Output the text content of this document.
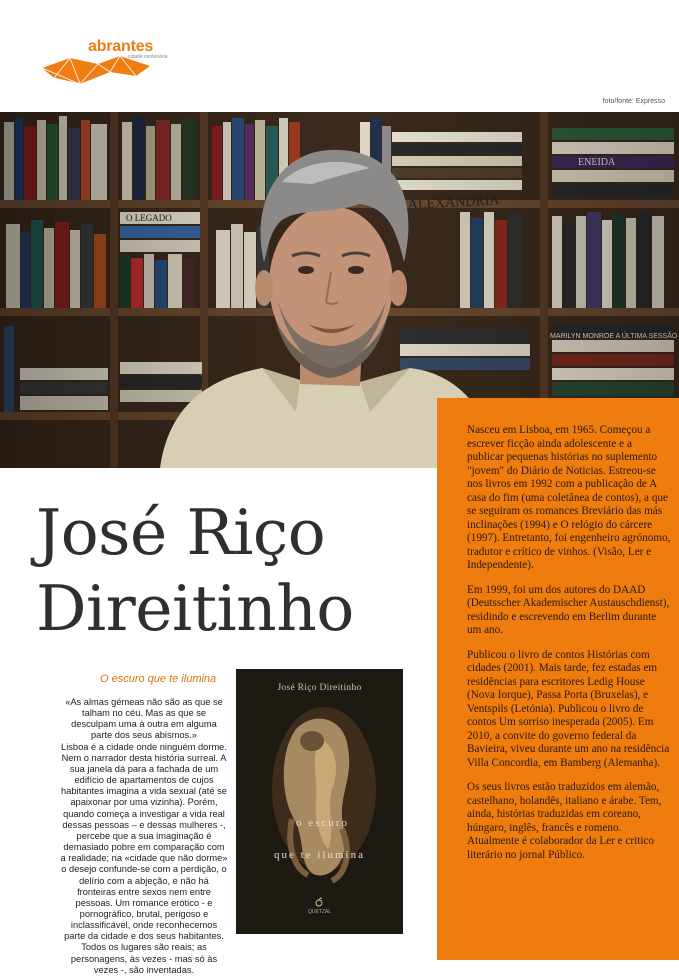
abrantes
cidade centenária
foto/fonte: Expresso

Nasceu em Lisboa, em 1965. Começou a escrever ficção ainda adolescente e a publicar pequenas histórias no suplemento "jovem" do Diário de Noticias. Estreou-se nos livros em 1992 com a publicação de A casa do fim (uma coletânea de contos), a que se seguiram os romances Breviário das más inclinações (1994) e O relógio do cárcere (1997). Entretanto, foi engenheiro agrónomo, tradutor e crítico de vinhos. (Visão, Ler e Independente).

Em 1999, foi um dos autores do DAAD (Deutsscher Akademischer Austauschdienst), residindo e escrevendo em Berlim durante um ano.

Publicou o livro de contos Histórias com cidades (2001). Mais tarde, fez estadas em residências para escritores Ledig House (Nova Iorque), Passa Porta (Bruxelas), e Ventspils (Letónia). Publicou o livro de contos Um sorriso inesperada (2005). Em 2010, a convite do governo federal da Bavieira, viveu durante um ano na residência Villa Concordia, em Bamberg (Alemanha).

Os seus livros estão traduzidos em alemão, castelhano, holandês, italiano e árabe. Tem, ainda, histórias traduzidas em coreano, húngaro, inglês, francês e romeno. Atualmente é colaborador da Ler e critico literário no jornal Público.

José Riço
Direitinho
O escuro que te ilumina

«As almas gémeas não são as que se talham no céu. Mas as que se desculpam uma à outra em alguma parte dos seus abismos.»

Lisboa é a cidade onde ninguém dorme. Nem o narrador desta história surreal. A sua janela dá para a fachada de um edifício de apartamentos de cujos habitantes imagina a vida sexual (até se apaixonar por uma vizinha). Porém, quando começa a investigar a vida real dessas pessoas – e dessas mulheres -, percebe que a sua imaginação é demasiado pobre em comparação com a realidade; na «cidade que não dorme» o desejo confunde-se com a perdição, o delírio com a abjeção, e não há fronteiras entre sexos nem entre pessoas. Um romance erótico - e pornográfico, brutal, perigoso e inclassificável, onde reconhecemos parte da cidade e dos seus habitantes. Todos os lugares são reais; as personagens, às vezes - mas só às vezes -, são inventadas.

José Riço Direitinho
o escuro
que te ilumina
QUETZAL
